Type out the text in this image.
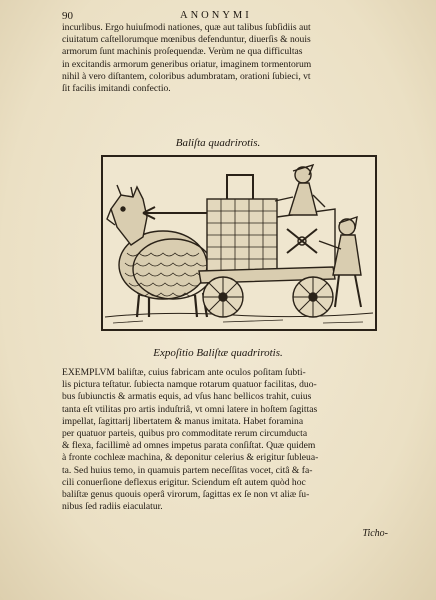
90	ANONYMI
incurlibus. Ergo huiuſmodi nationes, quæ aut talibus ſubſidiis aut
ciuitatum caſtellorumque mœnibus defenduntur, diuerſis & nouis
armorum ſunt machinis proſequendæ. Verùm ne qua difficultas
in excitandis armorum generibus oriatur, imaginem tormentorum
nihil à vero diſtantem, coloribus adumbratam, orationi ſubieci, vt
ſit facilis imitandi confectio.
Baliſta quadrirotis.
Expoſitio Baliſtæ quadrirotis.
EXEMPLVM baliſtæ, cuius fabricam ante oculos poſitam ſubti-
lis pictura teſtatur. ſubiecta namque rotarum quatuor facilitas, duo-
bus ſubiunctis & armatis equis, ad vſus hanc bellicos trahit, cuius
tanta eſt vtilitas pro artis induſtriâ, vt omni latere in hoſtem ſagittas
impellat, ſagittarij libertatem & manus imitata. Habet foramina
per quatuor parteis, quibus pro commoditate rerum circumducta
& flexa, facillimè ad omnes impetus parata conſiſtat. Quæ quidem
à fronte cochleæ machina, & deponitur celerius & erigitur ſubleua-
ta. Sed huius temo, in quamuis partem neceſſitas vocet, citâ & fa-
cili conuerſione deflexus erigitur. Sciendum eſt autem quòd hoc
baliſtæ genus quouis operâ virorum, ſagittas ex ſe non vt aliæ ſu-
nibus ſed radiis eiaculatur.
Ticho-
